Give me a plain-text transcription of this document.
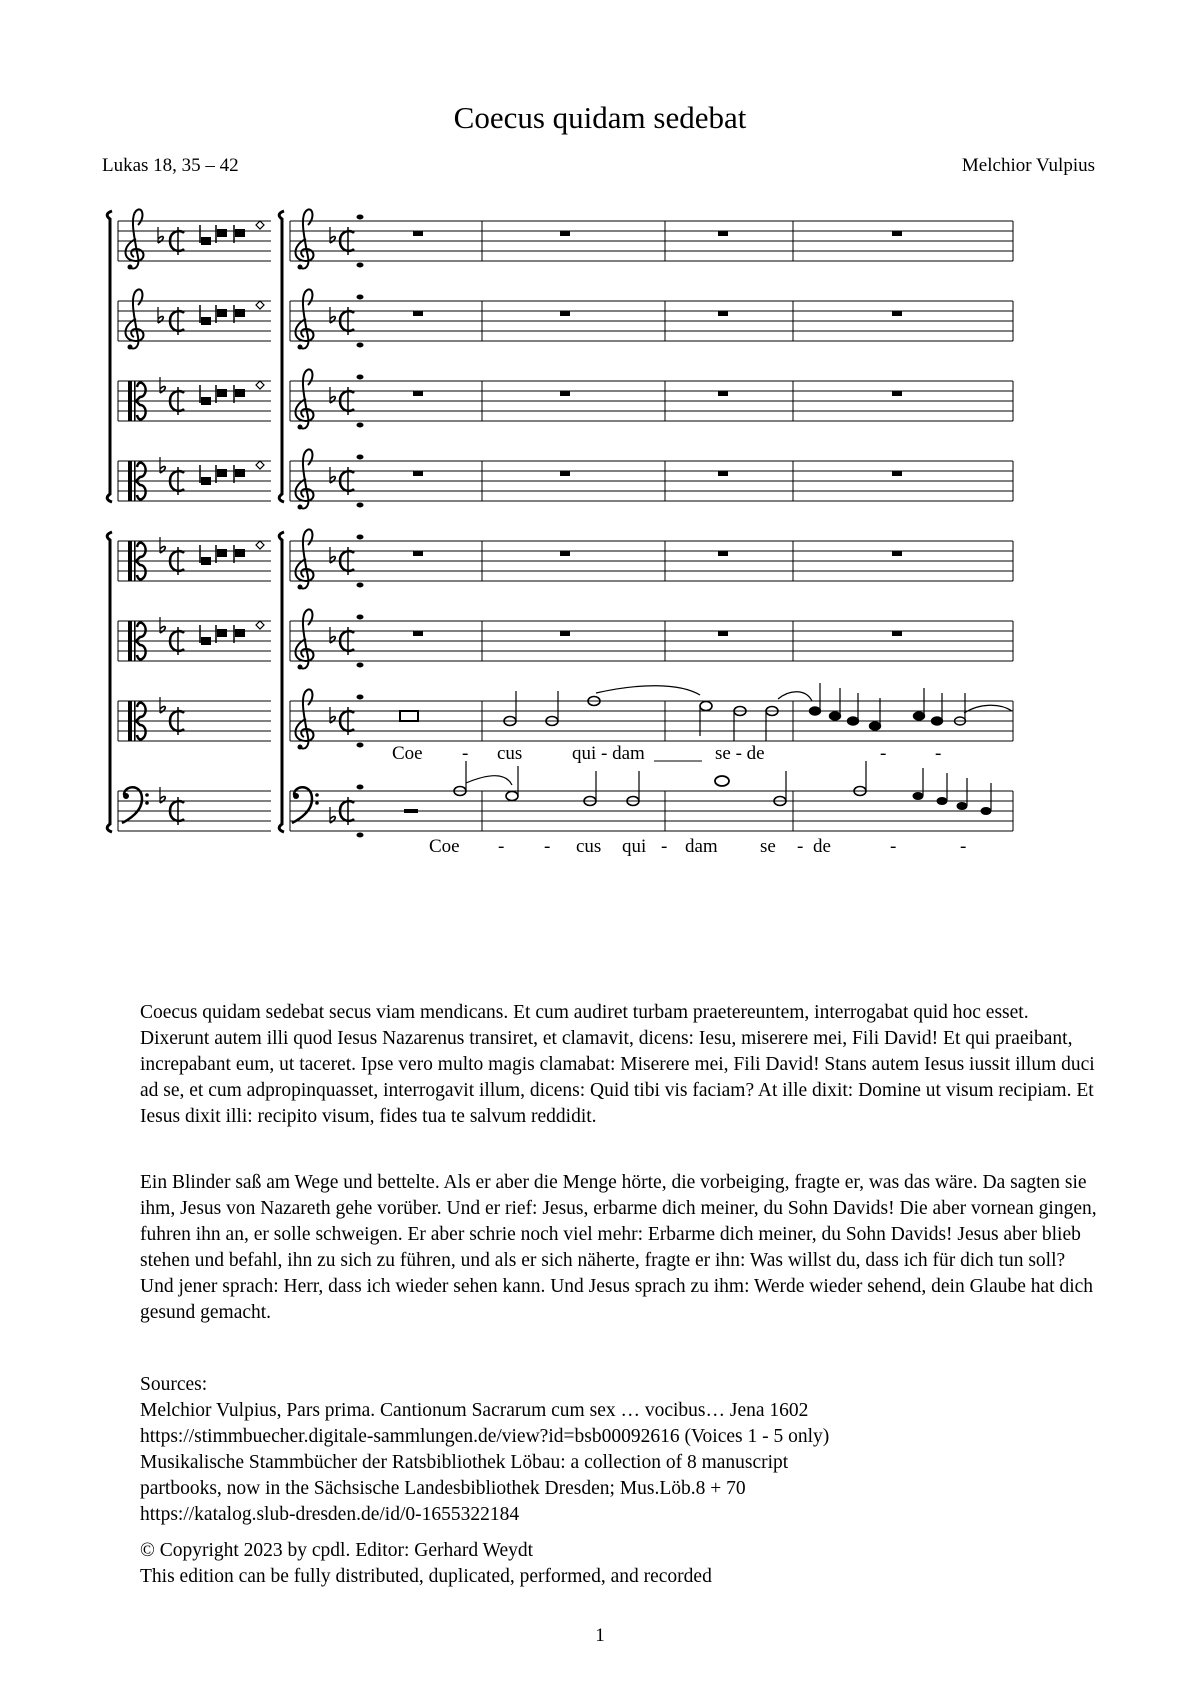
Coecus quidam sedebat
Lukas 18, 35 – 42	Melchior Vulpius
Coe - cus	qui - dam	se - de	-	-
Coe - - cus qui - dam se - de	-	-

Coecus quidam sedebat secus viam mendicans. Et cum audiret turbam praetereuntem, interrogabat quid hoc esset. Dixerunt autem illi quod Iesus Nazarenus transiret, et clamavit, dicens: Iesu, miserere mei, Fili David! Et qui praeibant, increpabant eum, ut taceret. Ipse vero multo magis clamabat: Miserere mei, Fili David! Stans autem Iesus iussit illum duci ad se, et cum adpropinquasset, interrogavit illum, dicens: Quid tibi vis faciam? At ille dixit: Domine ut visum recipiam. Et Iesus dixit illi: recipito visum, fides tua te salvum reddidit.

Ein Blinder saß am Wege und bettelte. Als er aber die Menge hörte, die vorbeiging, fragte er, was das wäre. Da sagten sie ihm, Jesus von Nazareth gehe vorüber. Und er rief: Jesus, erbarme dich meiner, du Sohn Davids! Die aber vornean gingen, fuhren ihn an, er solle schweigen. Er aber schrie noch viel mehr: Erbarme dich meiner, du Sohn Davids! Jesus aber blieb stehen und befahl, ihn zu sich zu führen, und als er sich näherte, fragte er ihn: Was willst du, dass ich für dich tun soll? Und jener sprach: Herr, dass ich wieder sehen kann. Und Jesus sprach zu ihm: Werde wieder sehend, dein Glaube hat dich gesund gemacht.

Sources:

Melchior Vulpius, Pars prima. Cantionum Sacrarum cum sex … vocibus… Jena 1602

https://stimmbuecher.digitale-sammlungen.de/view?id=bsb00092616 (Voices 1 - 5 only)

Musikalische Stammbücher der Ratsbibliothek Löbau: a collection of 8 manuscript

partbooks, now in the Sächsische Landesbibliothek Dresden; Mus.Löb.8 + 70

https://katalog.slub-dresden.de/id/0-1655322184

© Copyright 2023 by cpdl. Editor: Gerhard Weydt

This edition can be fully distributed, duplicated, performed, and recorded

1
